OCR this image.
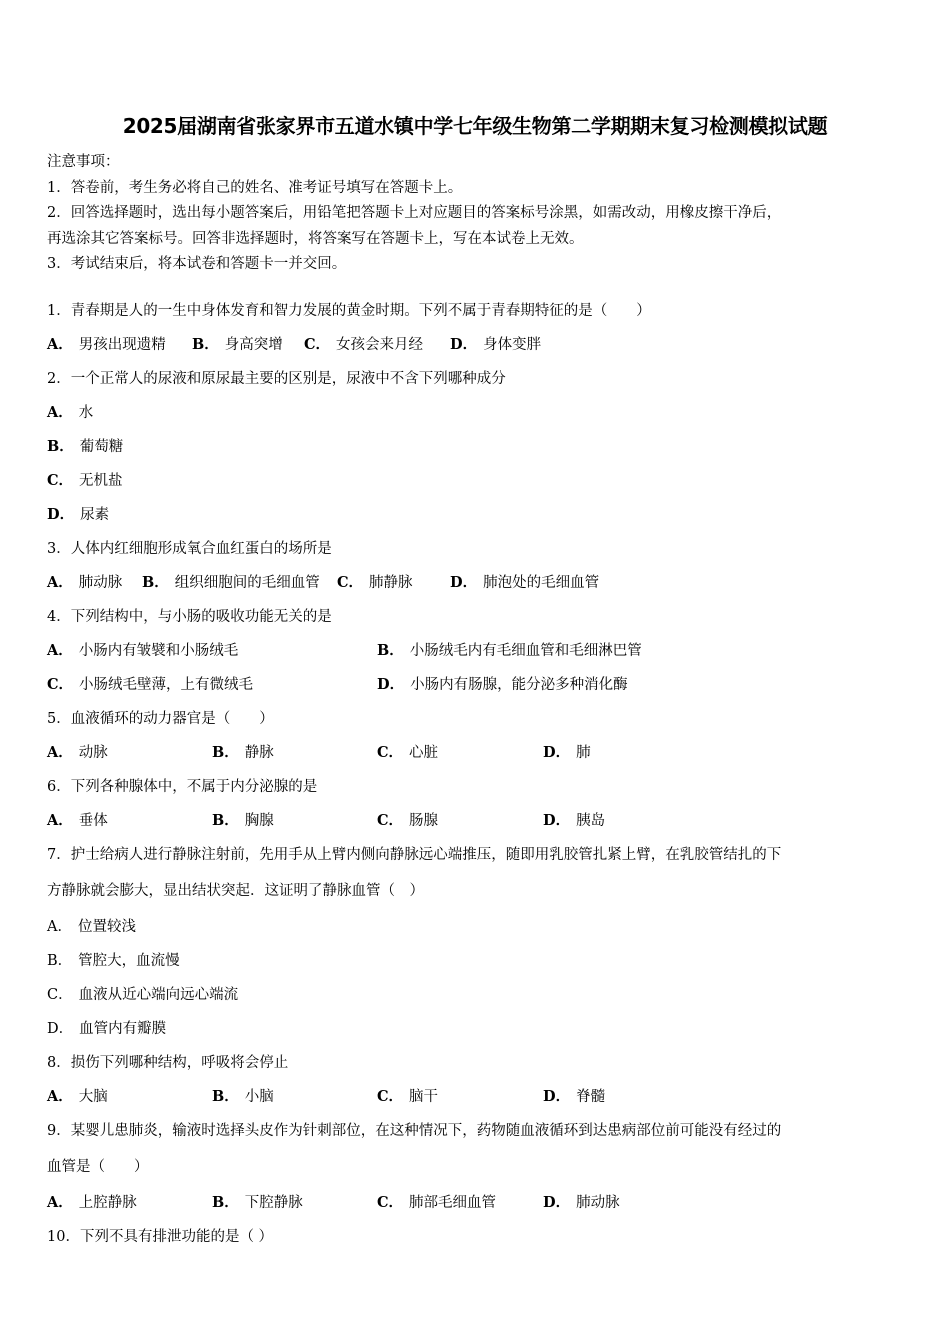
2025届湖南省张家界市五道水镇中学七年级生物第二学期期末复习检测模拟试题
注意事项：
1．答卷前，考生务必将自己的姓名、准考证号填写在答题卡上。
2．回答选择题时，选出每小题答案后，用铅笔把答题卡上对应题目的答案标号涂黑，如需改动，用橡皮擦干净后，
再选涂其它答案标号。回答非选择题时，将答案写在答题卡上，写在本试卷上无效。
3．考试结束后，将本试卷和答题卡一并交回。
1．青春期是人的一生中身体发育和智力发展的黄金时期。下列不属于青春期特征的是（　　）
A． 男孩出现遗精 B． 身高突增 C． 女孩会来月经 D． 身体变胖
2．一个正常人的尿液和原尿最主要的区别是，尿液中不含下列哪种成分
A． 水
B． 葡萄糖
C． 无机盐
D． 尿素
3．人体内红细胞形成氧合血红蛋白的场所是
A． 肺动脉 B． 组织细胞间的毛细血管 C． 肺静脉	D． 肺泡处的毛细血管
4．下列结构中，与小肠的吸收功能无关的是
A． 小肠内有皱襞和小肠绒毛	B． 小肠绒毛内有毛细血管和毛细淋巴管
C． 小肠绒毛壁薄，上有微绒毛	D． 小肠内有肠腺，能分泌多种消化酶
5．血液循环的动力器官是（　　）
A． 动脉	B． 静脉	C． 心脏	D． 肺
6．下列各种腺体中，不属于内分泌腺的是
A． 垂体	B． 胸腺	C． 肠腺	D． 胰岛
7．护士给病人进行静脉注射前，先用手从上臂内侧向静脉远心端推压，随即用乳胶管扎紧上臂，在乳胶管结扎的下
方静脉就会膨大，显出结状突起．这证明了静脉血管（　）
A． 位置较浅
B． 管腔大，血流慢
C． 血液从近心端向远心端流
D． 血管内有瓣膜
8．损伤下列哪种结构，呼吸将会停止
A． 大脑	B． 小脑	C． 脑干	D． 脊髓
9．某婴儿患肺炎，输液时选择头皮作为针刺部位，在这种情况下，药物随血液循环到达患病部位前可能没有经过的
血管是（　　）
A． 上腔静脉	B． 下腔静脉	C． 肺部毛细血管	D． 肺动脉
10．下列不具有排泄功能的是（ ）
